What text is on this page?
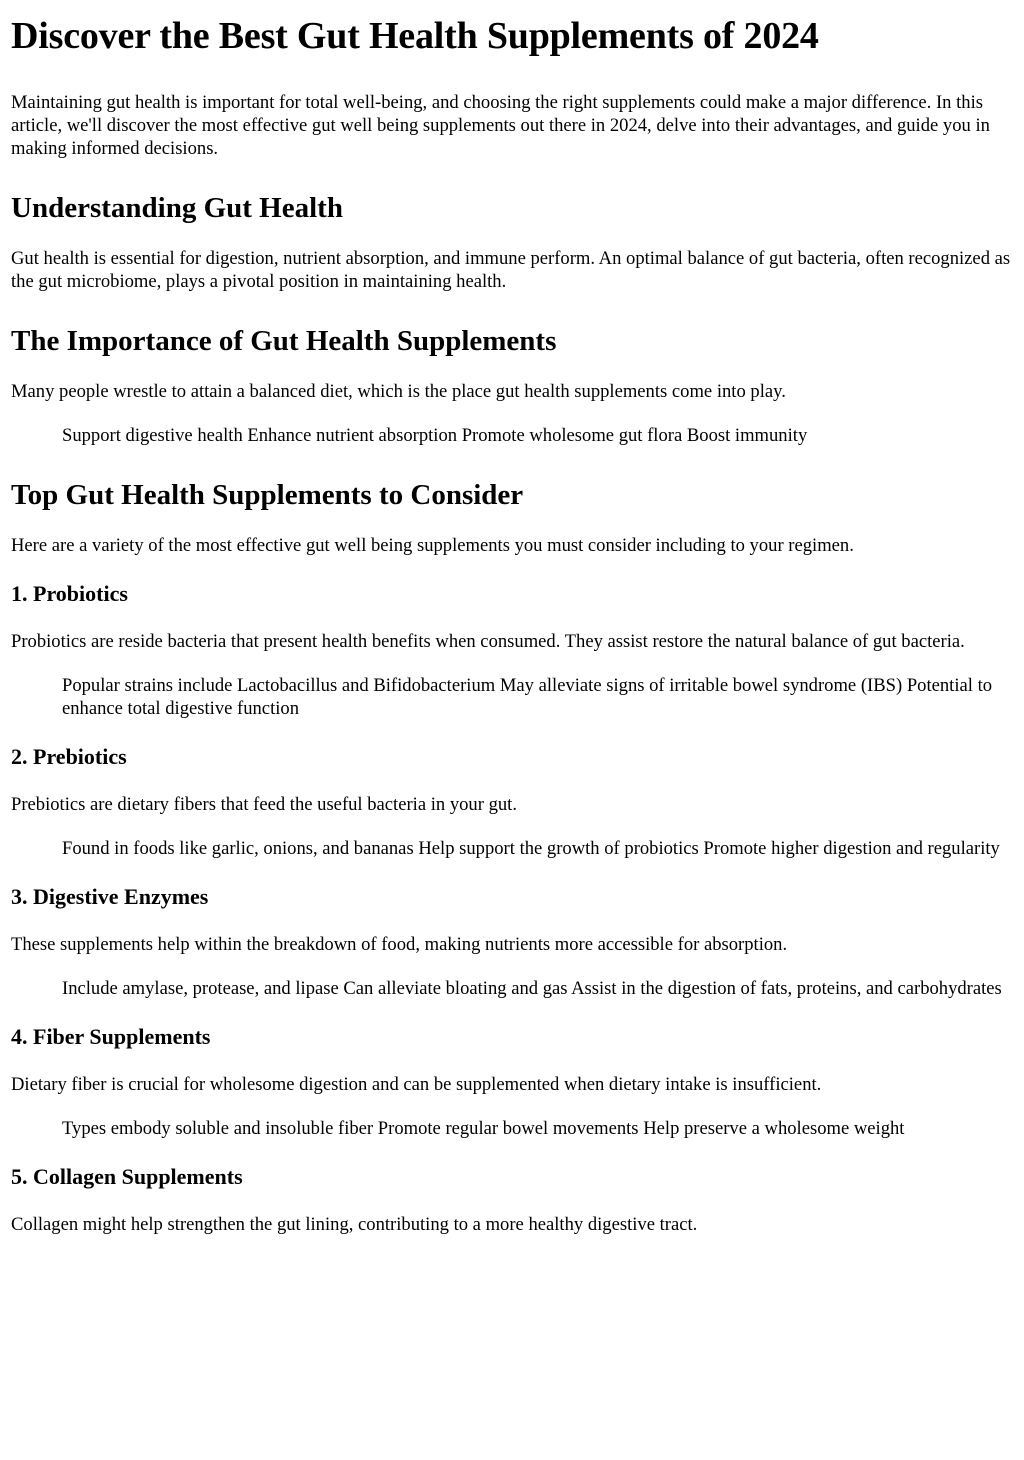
Discover the Best Gut Health Supplements of 2024

Maintaining gut health is important for total well-being, and choosing the right supplements could make a major difference. In this article, we'll discover the most effective gut well being supplements out there in 2024, delve into their advantages, and guide you in making informed decisions.

Understanding Gut Health

Gut health is essential for digestion, nutrient absorption, and immune perform. An optimal balance of gut bacteria, often recognized as the gut microbiome, plays a pivotal position in maintaining health.

The Importance of Gut Health Supplements

Many people wrestle to attain a balanced diet, which is the place gut health supplements come into play.

Support digestive health Enhance nutrient absorption Promote wholesome gut flora Boost immunity
Top Gut Health Supplements to Consider

Here are a variety of the most effective gut well being supplements you must consider including to your regimen.

1. Probiotics

Probiotics are reside bacteria that present health benefits when consumed. They assist restore the natural balance of gut bacteria.

Popular strains include Lactobacillus and Bifidobacterium May alleviate signs of irritable bowel syndrome (IBS) Potential to enhance total digestive function
2. Prebiotics

Prebiotics are dietary fibers that feed the useful bacteria in your gut.

Found in foods like garlic, onions, and bananas Help support the growth of probiotics Promote higher digestion and regularity
3. Digestive Enzymes

These supplements help within the breakdown of food, making nutrients more accessible for absorption.

Include amylase, protease, and lipase Can alleviate bloating and gas Assist in the digestion of fats, proteins, and carbohydrates
4. Fiber Supplements

Dietary fiber is crucial for wholesome digestion and can be supplemented when dietary intake is insufficient.

Types embody soluble and insoluble fiber Promote regular bowel movements Help preserve a wholesome weight
5. Collagen Supplements

Collagen might help strengthen the gut lining, contributing to a more healthy digestive tract.
